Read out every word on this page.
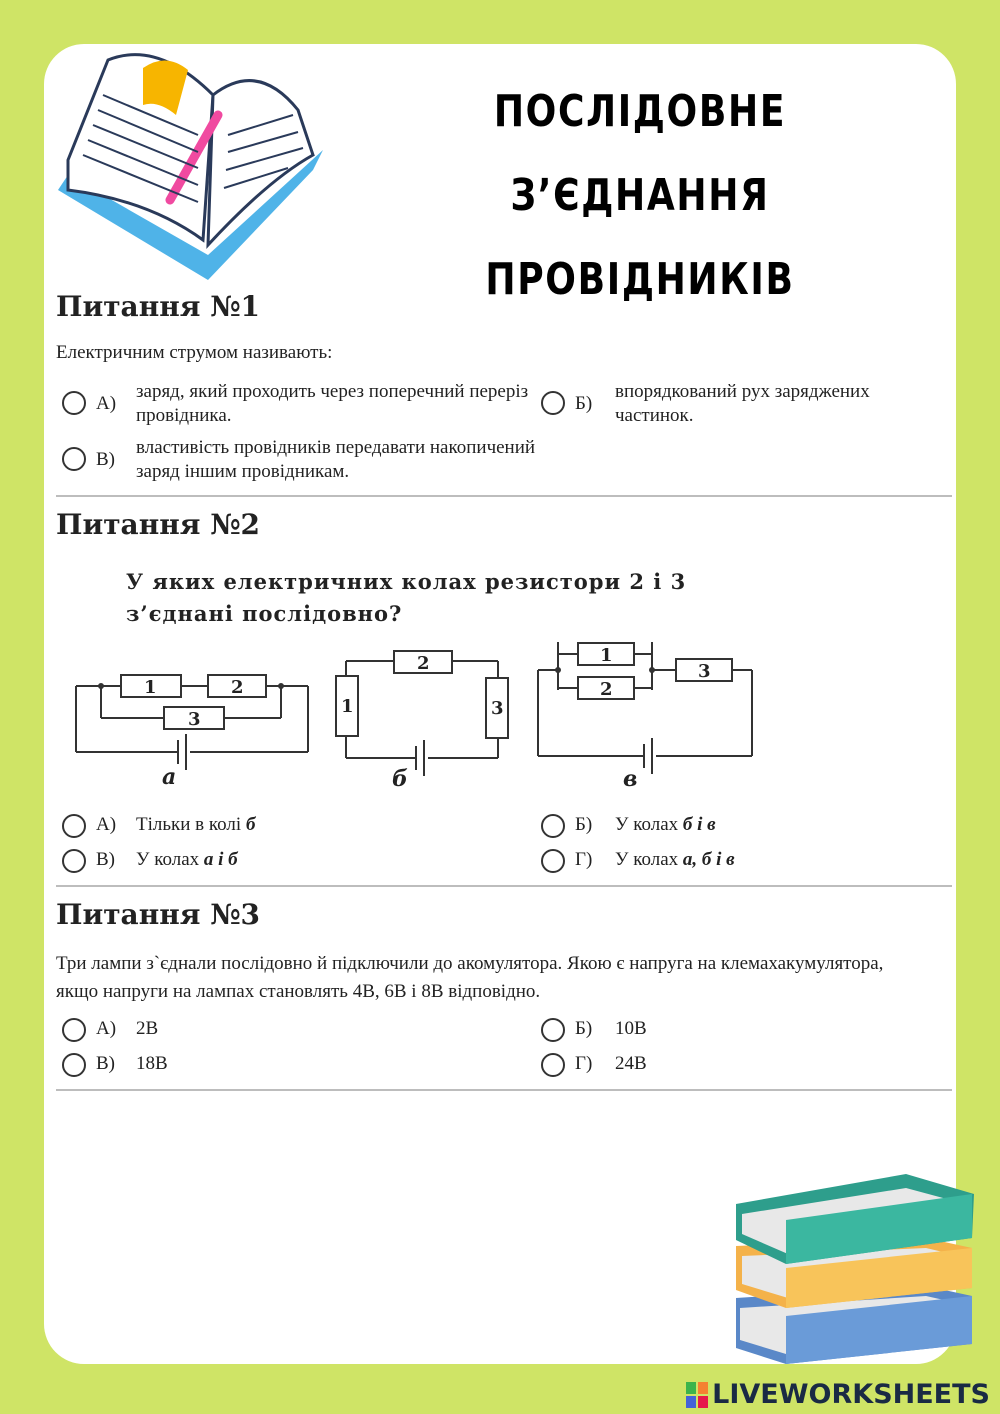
ПОСЛІДОВНЕ З’ЄДНАННЯ ПРОВІДНИКІВ
Питання №1
Електричним струмом називають:
А)
заряд, який проходить через поперечний переріз провідника.
Б)
впорядкований рух заряджених частинок.
В)
властивість провідників передавати накопичений заряд іншим провідникам.
Питання №2
У яких електричних колах резистори 2 і 3 з’єднані послідовно?
1	2
3
а
2
1	3
б
1
2
3
в
А)	Тільки в колі б	Б)	У колах б і в
В)	У колах а і б	Г)	У колах а, б і в
Питання №3
Три лампи з`єднали послідовно й підключили до акомулятора. Якою є напруга на клемахакумулятора, якщо напруги на лампах становлять 4В, 6В і 8В відповідно.
А)	2В	Б)	10В
В)	18В	Г)	24В
LIVEWORKSHEETS
